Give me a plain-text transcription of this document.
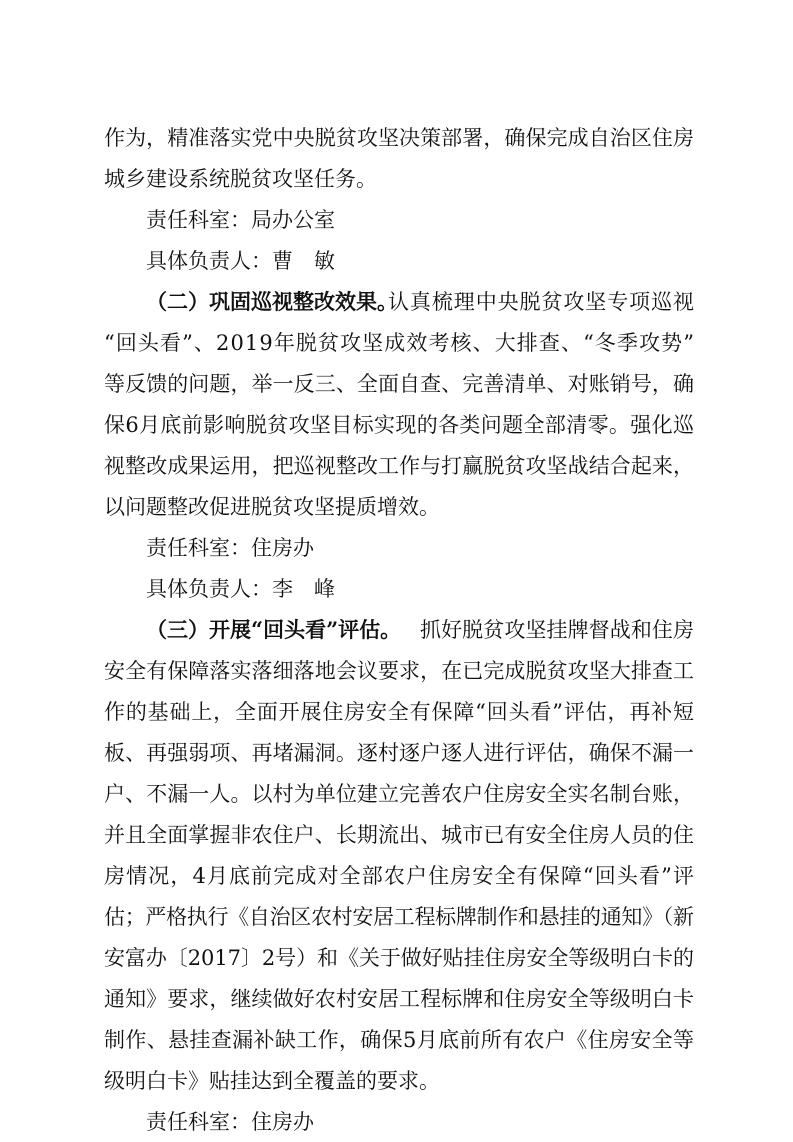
作为，精准落实党中央脱贫攻坚决策部署，确保完成自治区住房
城乡建设系统脱贫攻坚任务。
责任科室：局办公室
具体负责人：曹　敏
（二）巩固巡视整改效果。
认真梳理中央脱贫攻坚专项巡视
“回头看”、2019年脱贫攻坚成效考核、大排查、“冬季攻势”
等反馈的问题，举一反三、全面自查、完善清单、对账销号，确
保6月底前影响脱贫攻坚目标实现的各类问题全部清零。强化巡
视整改成果运用，把巡视整改工作与打赢脱贫攻坚战结合起来，
以问题整改促进脱贫攻坚提质增效。
责任科室：住房办
具体负责人：李　峰
（三）开展“回头看”评估。 抓好脱贫攻坚挂牌督战和住房
安全有保障落实落细落地会议要求，在已完成脱贫攻坚大排查工
作的基础上，全面开展住房安全有保障“回头看”评估，再补短
板、再强弱项、再堵漏洞。逐村逐户逐人进行评估，确保不漏一
户、不漏一人。以村为单位建立完善农户住房安全实名制台账，
并且全面掌握非农住户、长期流出、城市已有安全住房人员的住
房情况，4月底前完成对全部农户住房安全有保障“回头看”评
估；严格执行《自治区农村安居工程标牌制作和悬挂的通知》（新
安富办〔2017〕2号）和《关于做好贴挂住房安全等级明白卡的
通知》要求，继续做好农村安居工程标牌和住房安全等级明白卡
制作、悬挂查漏补缺工作，确保5月底前所有农户《住房安全等
级明白卡》贴挂达到全覆盖的要求。
责任科室：住房办
